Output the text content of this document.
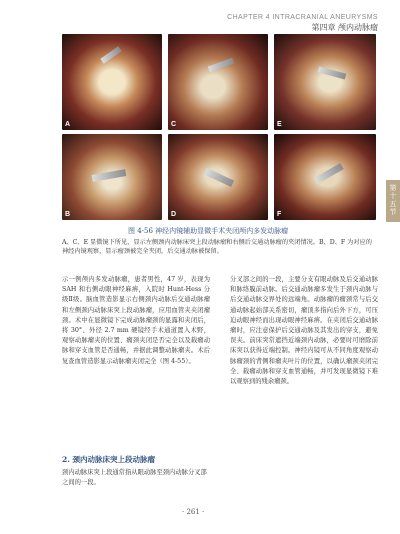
CHAPTER 4 INTRACRANIAL ANEURYSMS
第四章 颅内动脉瘤
A	C	E
B	D	F
图 4-56 神经内镜辅助显微手术夹闭颅内多发动脉瘤
A、C、E 显微镜下所见，显示左侧颈内动脉床突上段动脉瘤和右侧后交通动脉瘤的夹闭情况。B、D、F 为对应的神经内镜观察，显示瘤颈被完全夹闭，后交通动脉被保留。
第十五节
示一例颅内多发动脉瘤，患者男性，47 岁，表现为 SAH 和右侧动眼神经麻痹，入院时 Hunt-Hess 分级Ⅱ级。脑血管造影显示右侧颈内动脉后交通动脉瘤和左侧颈内动脉床突上段动脉瘤，应用血管夹夹闭瘤颈。术中在显微镜下完成动脉瘤颈的显露和夹闭后，将 30°、外径 2.7 mm 硬镜经手术通道置入术野，观察动脉瘤夹的位置、瘤颈夹闭是否完全以及载瘤动脉和穿支血管是否通畅，并据此调整动脉瘤夹。术后复查血管造影显示动脉瘤夹闭完全（图 4-55）。
分叉部之间的一段，主要分支有眼动脉及后交通动脉和脉络膜前动脉。后交通动脉瘤多发生于颈内动脉与后交通动脉交界处的远端角。动脉瘤的瘤颈常与后交通动脉起始部关系密切，瘤顶多指向后外下方，可压迫动眼神经而出现动眼神经麻痹。在夹闭后交通动脉瘤时，应注意保护后交通动脉及其发出的穿支，避免误夹。前床突常遮挡近端颈内动脉，必要时可磨除前床突以获得近端控制。神经内镜可从不同角度观察动脉瘤颈的背侧和瘤夹叶片的位置，以确认瘤颈夹闭完全、载瘤动脉和穿支血管通畅，并可发现显微镜下难以观察到的残余瘤颈。
2. 颈内动脉床突上段动脉瘤
颈内动脉床突上段通常指从眼动脉至颈内动脉分叉部之间的一段。
· 261 ·
